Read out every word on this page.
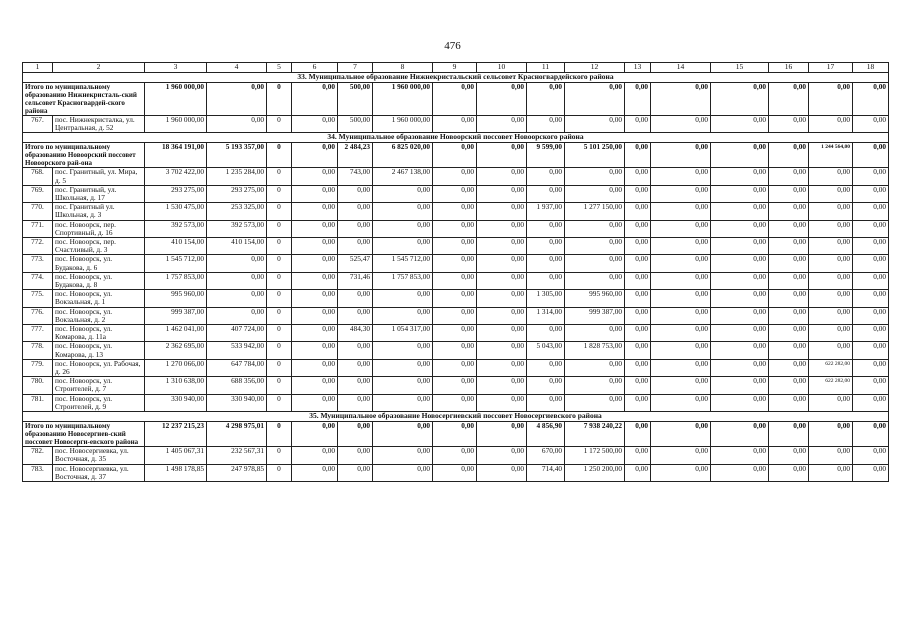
476
1	2	3	4	5	6	7	8	9	10	11	12	13	14	15	16	17	18
33. Муниципальное образование Нижнекристальский сельсовет Красногвардейского района																	
Итого по муниципальному образованию Нижнекристаль-ский сельсовет Красногвардей-ского района		1 960 000,00	0,00	0	0,00	500,00	1 960 000,00	0,00	0,00	0,00	0,00	0,00	0,00	0,00	0,00	0,00	0,00
767.	пос. Нижнекристалка, ул. Центральная, д. 52	1 960 000,00	0,00	0	0,00	500,00	1 960 000,00	0,00	0,00	0,00	0,00	0,00	0,00	0,00	0,00	0,00	0,00
34. Муниципальное образование Новоорский поссовет Новоорского района																	
Итого по муниципальному образованию Новоорский поссовет Новоорского рай-она		18 364 191,00	5 193 357,00	0	0,00	2 484,23	6 825 020,00	0,00	0,00	9 599,00	5 101 250,00	0,00	0,00	0,00	0,00	1 244 564,00	0,00
768.	пос. Гранитный, ул. Мира, д. 5	3 702 422,00	1 235 284,00	0	0,00	743,00	2 467 138,00	0,00	0,00	0,00	0,00	0,00	0,00	0,00	0,00	0,00	0,00
769.	пос. Гранитный, ул. Школьная, д. 17	293 275,00	293 275,00	0	0,00	0,00	0,00	0,00	0,00	0,00	0,00	0,00	0,00	0,00	0,00	0,00	0,00
770.	пос. Гранитный ул. Школьная, д. 3	1 530 475,00	253 325,00	0	0,00	0,00	0,00	0,00	0,00	1 937,00	1 277 150,00	0,00	0,00	0,00	0,00	0,00	0,00
771.	пос. Новоорск, пер. Спортивный, д. 16	392 573,00	392 573,00	0	0,00	0,00	0,00	0,00	0,00	0,00	0,00	0,00	0,00	0,00	0,00	0,00	0,00
772.	пос. Новоорск, пер. Счастливый, д. 3	410 154,00	410 154,00	0	0,00	0,00	0,00	0,00	0,00	0,00	0,00	0,00	0,00	0,00	0,00	0,00	0,00
773.	пос. Новоорск, ул. Будаковa, д. 6	1 545 712,00	0,00	0	0,00	525,47	1 545 712,00	0,00	0,00	0,00	0,00	0,00	0,00	0,00	0,00	0,00	0,00
774.	пос. Новоорск, ул. Будакова, д. 8	1 757 853,00	0,00	0	0,00	731,46	1 757 853,00	0,00	0,00	0,00	0,00	0,00	0,00	0,00	0,00	0,00	0,00
775.	пос. Новоорск, ул. Вокзальная, д. 1	995 960,00	0,00	0	0,00	0,00	0,00	0,00	0,00	1 305,00	995 960,00	0,00	0,00	0,00	0,00	0,00	0,00
776.	пос. Новоорск, ул. Вокзальная, д. 2	999 387,00	0,00	0	0,00	0,00	0,00	0,00	0,00	1 314,00	999 387,00	0,00	0,00	0,00	0,00	0,00	0,00
777.	пос. Новоорск, ул. Комарова, д. 11а	1 462 041,00	407 724,00	0	0,00	484,30	1 054 317,00	0,00	0,00	0,00	0,00	0,00	0,00	0,00	0,00	0,00	0,00
778.	пос. Новоорск, ул. Комарова, д. 13	2 362 695,00	533 942,00	0	0,00	0,00	0,00	0,00	0,00	5 043,00	1 828 753,00	0,00	0,00	0,00	0,00	0,00	0,00
779.	пос. Новоорск, ул. Рабочая, д. 26	1 270 066,00	647 784,00	0	0,00	0,00	0,00	0,00	0,00	0,00	0,00	0,00	0,00	0,00	0,00	622 282,00	0,00
780.	пос. Новоорск, ул. Строителей, д. 7	1 310 638,00	688 356,00	0	0,00	0,00	0,00	0,00	0,00	0,00	0,00	0,00	0,00	0,00	0,00	622 282,00	0,00
781.	пос. Новоорск, ул. Строителей, д. 9	330 940,00	330 940,00	0	0,00	0,00	0,00	0,00	0,00	0,00	0,00	0,00	0,00	0,00	0,00	0,00	0,00
35. Муниципальное образование Новосергиевский поссовет Новосергиевского района																	
Итого по муниципальному образованию Новосергиев-ский поссовет Новосерги-евского района		12 237 215,23	4 298 975,01	0	0,00	0,00	0,00	0,00	0,00	4 856,90	7 938 240,22	0,00	0,00	0,00	0,00	0,00	0,00
782.	пос. Новосергиевка, ул. Восточная, д. 35	1 405 067,31	232 567,31	0	0,00	0,00	0,00	0,00	0,00	670,00	1 172 500,00	0,00	0,00	0,00	0,00	0,00	0,00
783.	пос. Новосергиевка, ул. Восточная, д. 37	1 498 178,85	247 978,85	0	0,00	0,00	0,00	0,00	0,00	714,40	1 250 200,00	0,00	0,00	0,00	0,00	0,00	0,00
